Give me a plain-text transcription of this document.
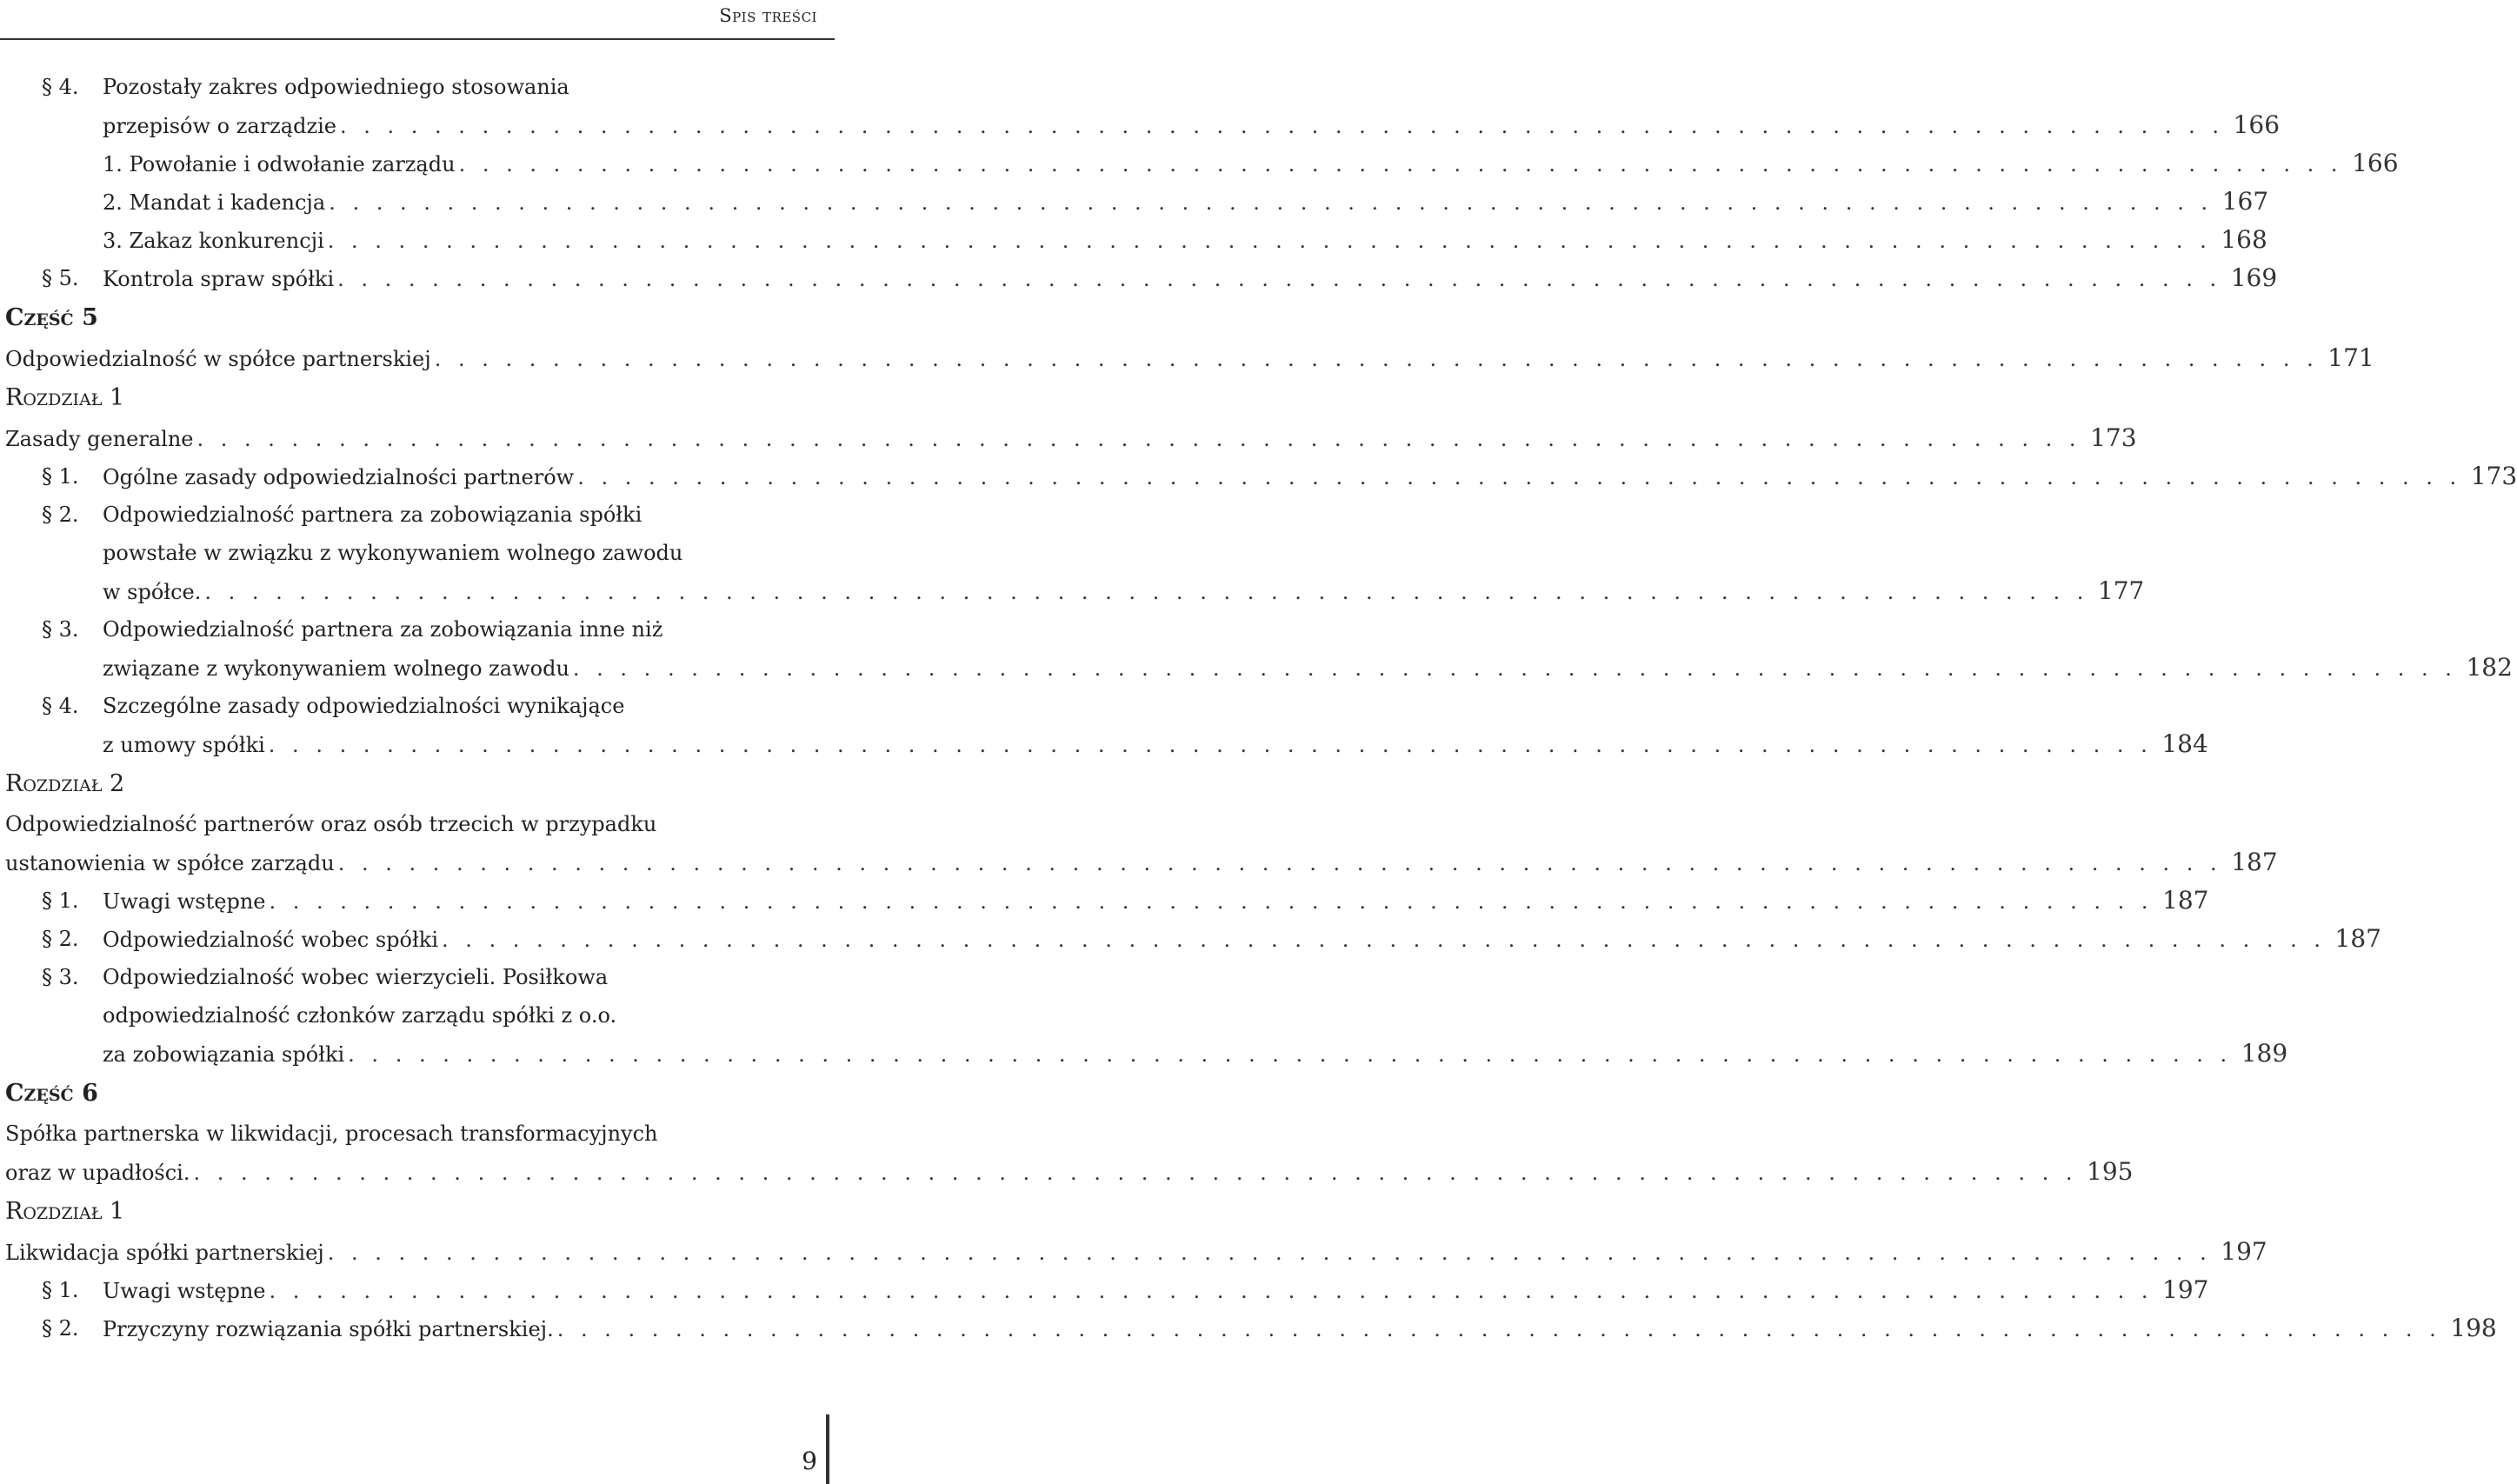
Spis treści
§ 4. Pozostały zakres odpowiedniego stosowania
przepisów o zarządzie . . . . . . . . . . . . . . . . . . . . . . . . . . . . . . . . . . . . . . . . . . . . . . . . . . . . . . . . . . . . . . . . . . . . . . . . . . . . . . . . 166
1. Powołanie i odwołanie zarządu . . . . . . . . . . . . . . . . . . . . . . . . . . . . . . . . . . . . . . . . . . . . . . . . . . . . . . . . . . . . . . . . . . . . . . . . . . . . . . . . 166
2. Mandat i kadencja . . . . . . . . . . . . . . . . . . . . . . . . . . . . . . . . . . . . . . . . . . . . . . . . . . . . . . . . . . . . . . . . . . . . . . . . . . . . . . . . 167
3. Zakaz konkurencji . . . . . . . . . . . . . . . . . . . . . . . . . . . . . . . . . . . . . . . . . . . . . . . . . . . . . . . . . . . . . . . . . . . . . . . . . . . . . . . . 168
§ 5. Kontrola spraw spółki . . . . . . . . . . . . . . . . . . . . . . . . . . . . . . . . . . . . . . . . . . . . . . . . . . . . . . . . . . . . . . . . . . . . . . . . . . . . . . . . 169
Część 5
Odpowiedzialność w spółce partnerskiej . . . . . . . . . . . . . . . . . . . . . . . . . . . . . . . . . . . . . . . . . . . . . . . . . . . . . . . . . . . . . . . . . . . . . . . . . . . . . . . . 171
Rozdział 1
Zasady generalne . . . . . . . . . . . . . . . . . . . . . . . . . . . . . . . . . . . . . . . . . . . . . . . . . . . . . . . . . . . . . . . . . . . . . . . . . . . . . . . . 173
§ 1. Ogólne zasady odpowiedzialności partnerów . . . . . . . . . . . . . . . . . . . . . . . . . . . . . . . . . . . . . . . . . . . . . . . . . . . . . . . . . . . . . . . . . . . . . . . . . . . . . . . . 173
§ 2. Odpowiedzialność partnera za zobowiązania spółki
powstałe w związku z wykonywaniem wolnego zawodu
w spółce. . . . . . . . . . . . . . . . . . . . . . . . . . . . . . . . . . . . . . . . . . . . . . . . . . . . . . . . . . . . . . . . . . . . . . . . . . . . . . . . . 177
§ 3. Odpowiedzialność partnera za zobowiązania inne niż
związane z wykonywaniem wolnego zawodu . . . . . . . . . . . . . . . . . . . . . . . . . . . . . . . . . . . . . . . . . . . . . . . . . . . . . . . . . . . . . . . . . . . . . . . . . . . . . . . . 182
§ 4. Szczególne zasady odpowiedzialności wynikające
z umowy spółki . . . . . . . . . . . . . . . . . . . . . . . . . . . . . . . . . . . . . . . . . . . . . . . . . . . . . . . . . . . . . . . . . . . . . . . . . . . . . . . . 184
Rozdział 2
Odpowiedzialność partnerów oraz osób trzecich w przypadku
ustanowienia w spółce zarządu . . . . . . . . . . . . . . . . . . . . . . . . . . . . . . . . . . . . . . . . . . . . . . . . . . . . . . . . . . . . . . . . . . . . . . . . . . . . . . . . 187
§ 1. Uwagi wstępne . . . . . . . . . . . . . . . . . . . . . . . . . . . . . . . . . . . . . . . . . . . . . . . . . . . . . . . . . . . . . . . . . . . . . . . . . . . . . . . . 187
§ 2. Odpowiedzialność wobec spółki . . . . . . . . . . . . . . . . . . . . . . . . . . . . . . . . . . . . . . . . . . . . . . . . . . . . . . . . . . . . . . . . . . . . . . . . . . . . . . . . 187
§ 3. Odpowiedzialność wobec wierzycieli. Posiłkowa
odpowiedzialność członków zarządu spółki z o.o.
za zobowiązania spółki . . . . . . . . . . . . . . . . . . . . . . . . . . . . . . . . . . . . . . . . . . . . . . . . . . . . . . . . . . . . . . . . . . . . . . . . . . . . . . . . 189
Część 6
Spółka partnerska w likwidacji, procesach transformacyjnych
oraz w upadłości. . . . . . . . . . . . . . . . . . . . . . . . . . . . . . . . . . . . . . . . . . . . . . . . . . . . . . . . . . . . . . . . . . . . . . . . . . . . . . . . . 195
Rozdział 1
Likwidacja spółki partnerskiej . . . . . . . . . . . . . . . . . . . . . . . . . . . . . . . . . . . . . . . . . . . . . . . . . . . . . . . . . . . . . . . . . . . . . . . . . . . . . . . . 197
§ 1. Uwagi wstępne . . . . . . . . . . . . . . . . . . . . . . . . . . . . . . . . . . . . . . . . . . . . . . . . . . . . . . . . . . . . . . . . . . . . . . . . . . . . . . . . 197
§ 2. Przyczyny rozwiązania spółki partnerskiej. . . . . . . . . . . . . . . . . . . . . . . . . . . . . . . . . . . . . . . . . . . . . . . . . . . . . . . . . . . . . . . . . . . . . . . . . . . . . . . . . 198
9
